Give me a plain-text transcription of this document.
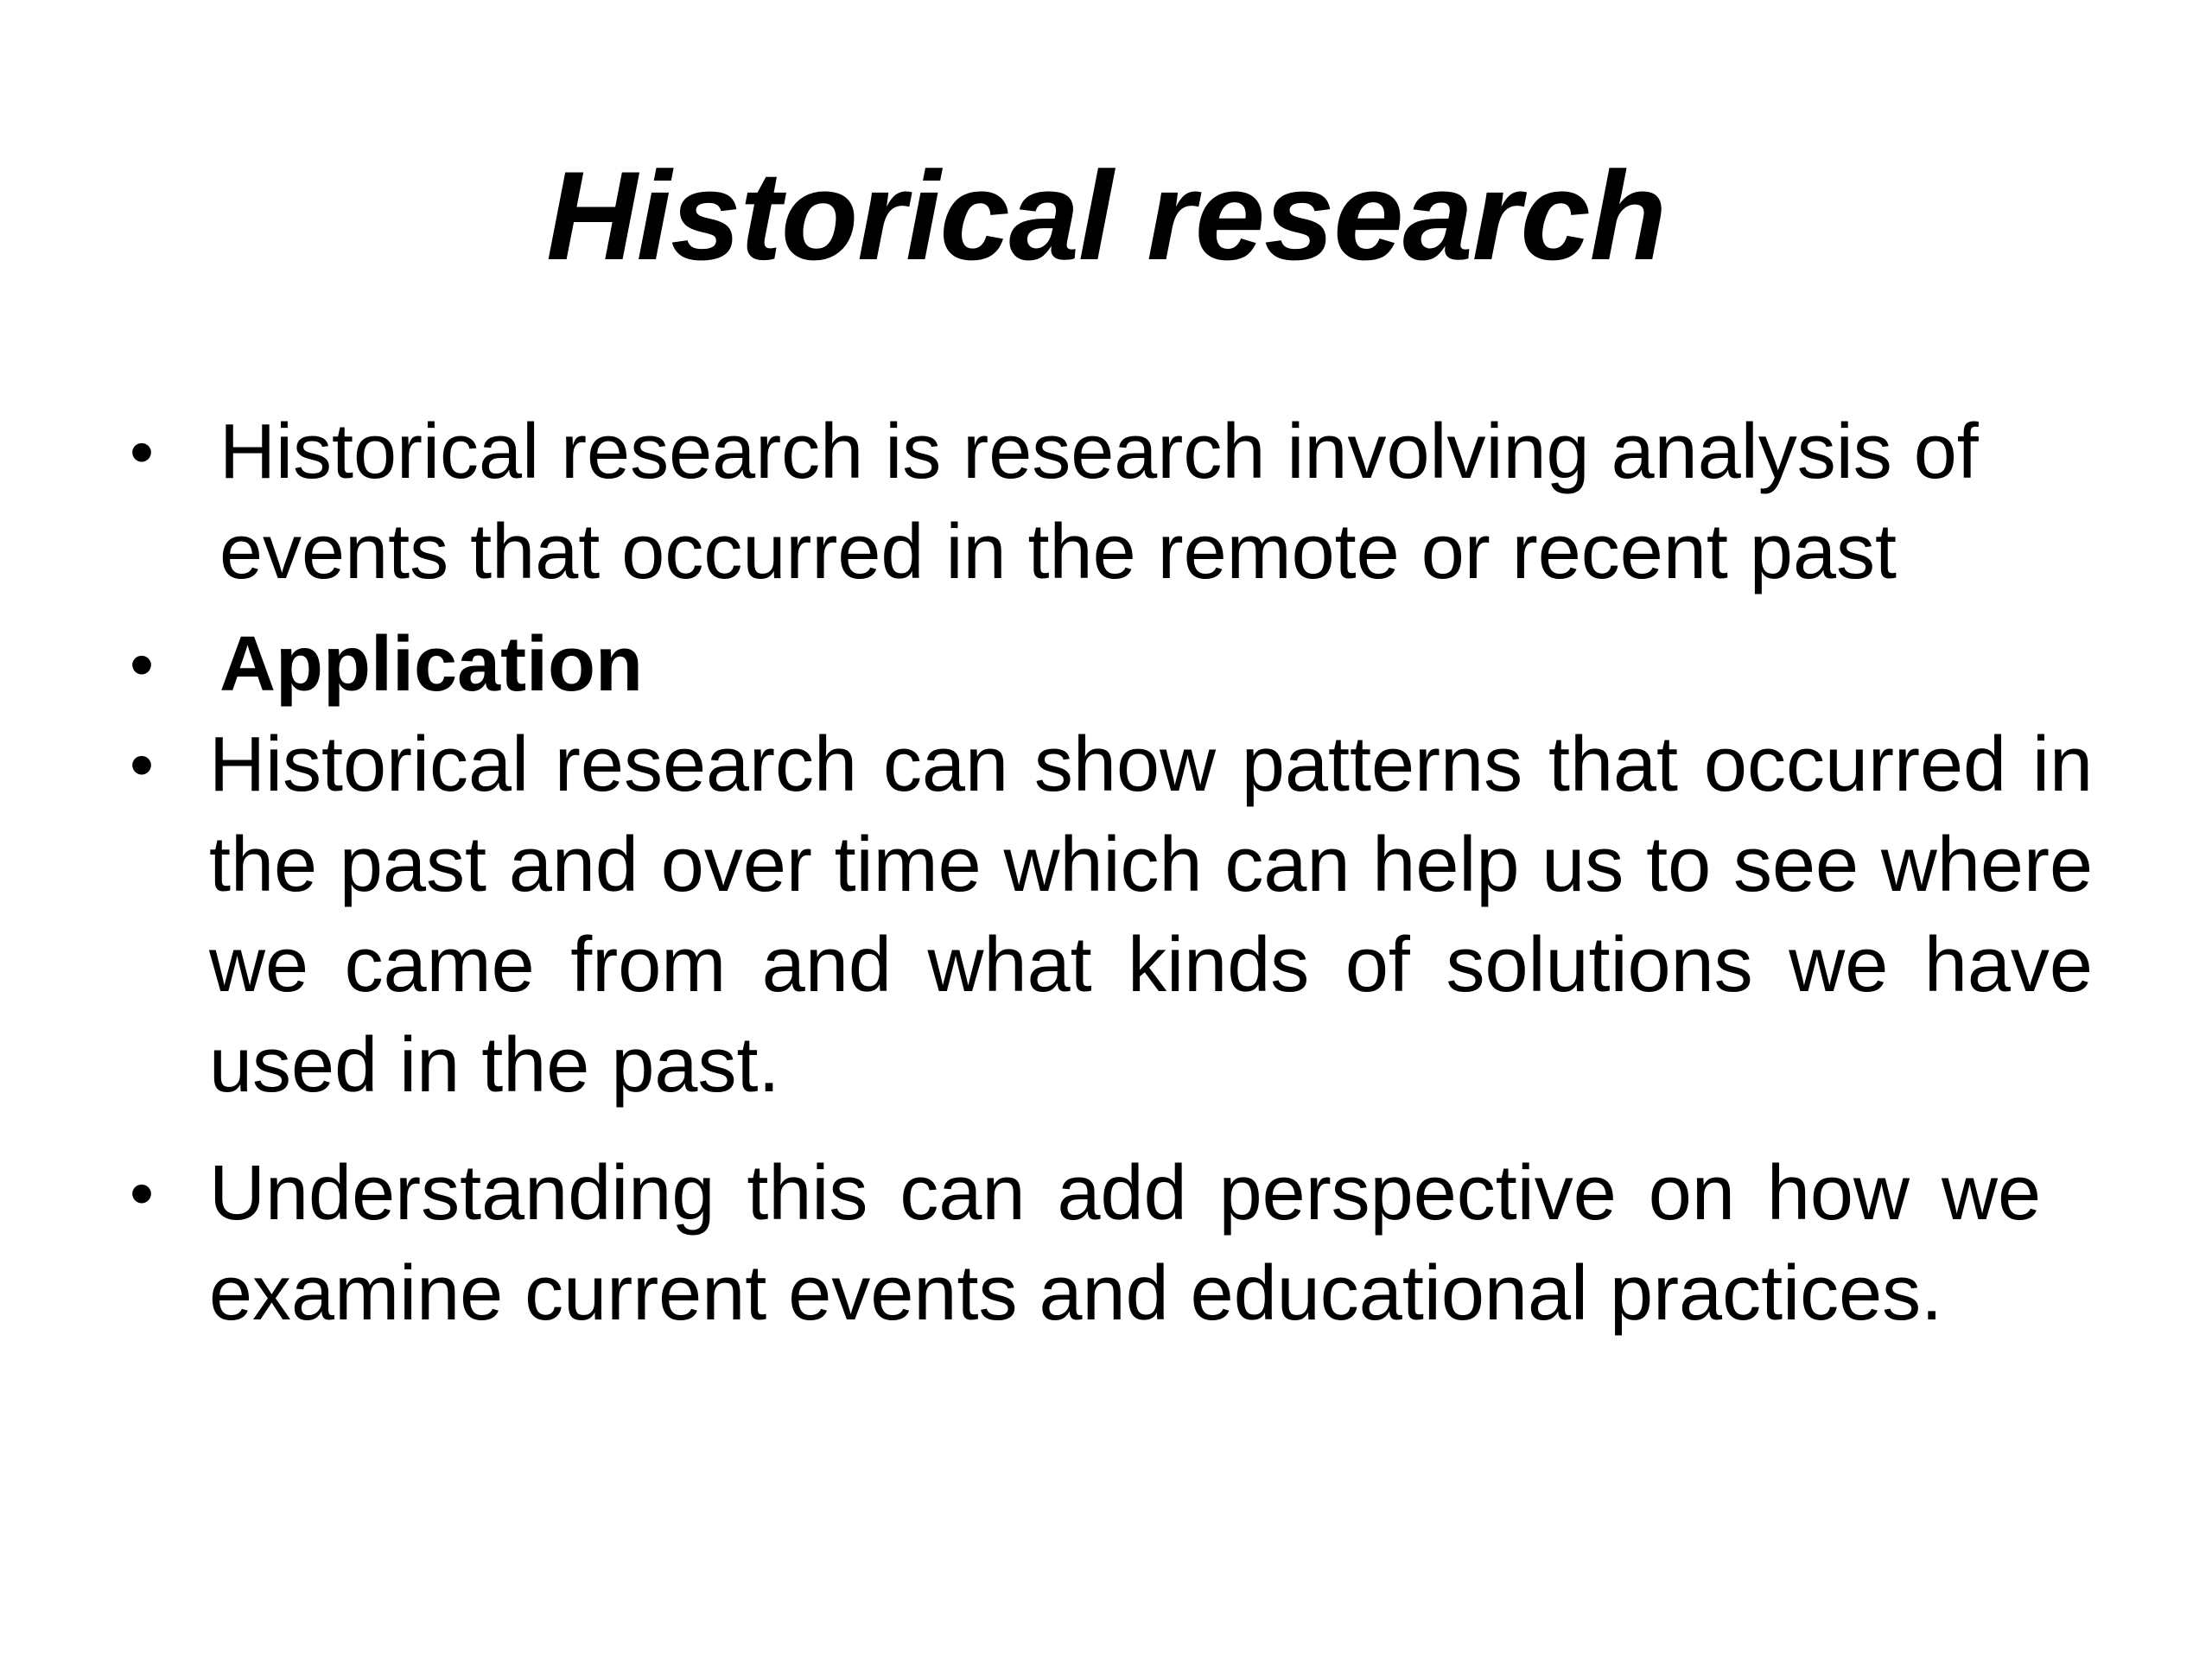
Historical research
• Historical research is research involving analysis of events that occurred in the remote or recent past
• Application
• Historical research can show patterns that occurred in the past and over time which can help us to see where we came from and what kinds of solutions we have used in the past.
• Understanding this can add perspective on how we examine current events and educational practices.
